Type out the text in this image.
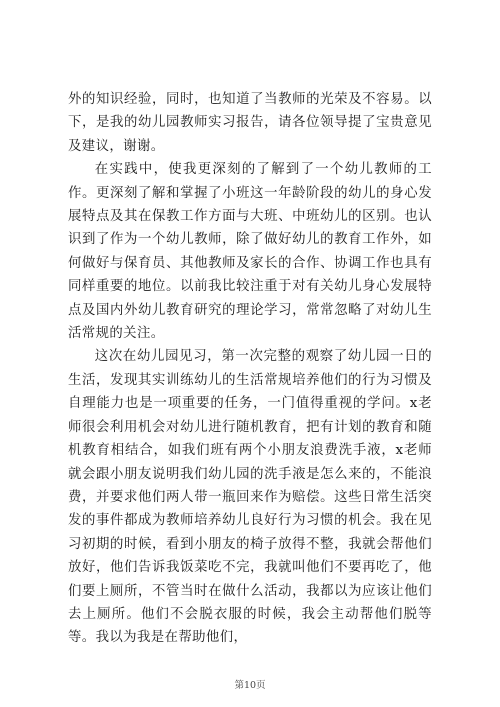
外的知识经验，同时，也知道了当教师的光荣及不容易。以下，是我的幼儿园教师实习报告，请各位领导提了宝贵意见及建议，谢谢。

在实践中，使我更深刻的了解到了一个幼儿教师的工作。更深刻了解和掌握了小班这一年龄阶段的幼儿的身心发展特点及其在保教工作方面与大班、中班幼儿的区别。也认识到了作为一个幼儿教师，除了做好幼儿的教育工作外，如何做好与保育员、其他教师及家长的合作、协调工作也具有同样重要的地位。以前我比较注重于对有关幼儿身心发展特点及国内外幼儿教育研究的理论学习，常常忽略了对幼儿生活常规的关注。

这次在幼儿园见习，第一次完整的观察了幼儿园一日的生活，发现其实训练幼儿的生活常规培养他们的行为习惯及自理能力也是一项重要的任务，一门值得重视的学问。x老师很会利用机会对幼儿进行随机教育，把有计划的教育和随机教育相结合，如我们班有两个小朋友浪费洗手液，x老师就会跟小朋友说明我们幼儿园的洗手液是怎么来的，不能浪费，并要求他们两人带一瓶回来作为赔偿。这些日常生活突发的事件都成为教师培养幼儿良好行为习惯的机会。我在见习初期的时候，看到小朋友的椅子放得不整，我就会帮他们放好，他们告诉我饭菜吃不完，我就叫他们不要再吃了，他们要上厕所，不管当时在做什么活动，我都以为应该让他们去上厕所。他们不会脱衣服的时候，我会主动帮他们脱等等。我以为我是在帮助他们，

第10页
